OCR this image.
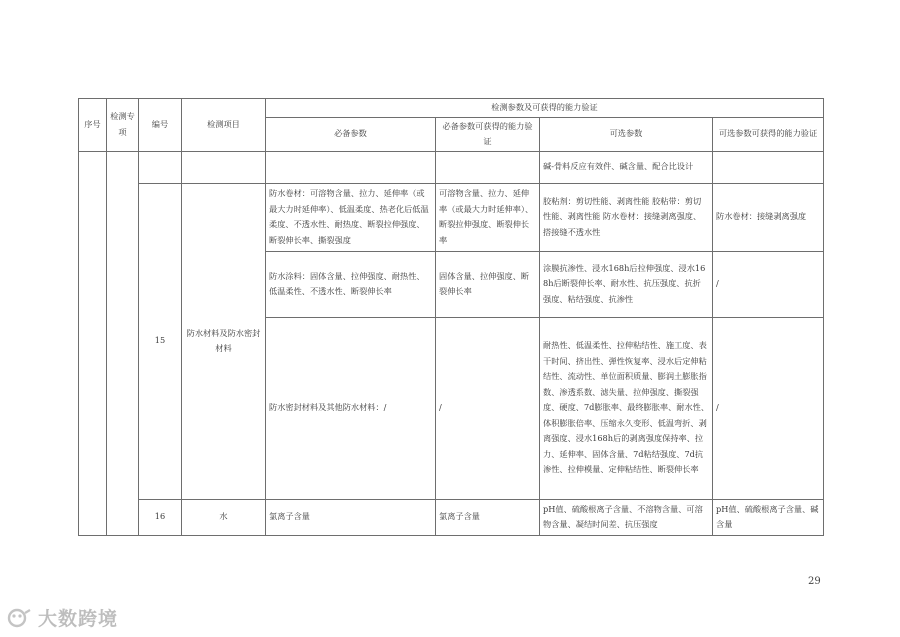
序号	检测专项	编号	检测项目	检测参数及可获得的能力验证			
				必备参数	必备参数可获得的能力验证	可选参数	可选参数可获得的能力验证
						碱-骨料反应有效件、碱含量、配合比设计	
		15	防水材料及防水密封材料	防水卷材：可溶物含量、拉力、延伸率（或最大力时延伸率）、低温柔度、热老化后低温柔度、不透水性、耐热度、断裂拉伸强度、断裂伸长率、撕裂强度	可溶物含量、拉力、延伸率（或最大力时延伸率）、断裂拉伸强度、断裂伸长率	胶粘剂：剪切性能、剥离性能 胶粘带：剪切性能、剥离性能 防水卷材：接缝剥离强度、搭接缝不透水性	防水卷材：接缝剥离强度
				防水涂料：固体含量、拉伸强度、耐热性、低温柔性、不透水性、断裂伸长率	固体含量、拉伸强度、断裂伸长率	涂膜抗渗性、浸水168h后拉伸强度、浸水168h后断裂伸长率、耐水性、抗压强度、抗折强度、粘结强度、抗渗性	/
				防水密封材料及其他防水材料：/	/	耐热性、低温柔性、拉伸粘结性、施工度、表干时间、挤出性、弹性恢复率、浸水后定伸粘结性、流动性、单位面积质量、膨润土膨胀指数、渗透系数、滤失量、拉伸强度、撕裂强度、硬度、7d膨胀率、最终膨胀率、耐水性、体积膨胀倍率、压缩永久变形、低温弯折、剥离强度、浸水168h后的剥离强度保持率、拉力、延伸率、固体含量、7d粘结强度、7d抗渗性、拉伸模量、定伸粘结性、断裂伸长率	/
		16	水	氯离子含量	氯离子含量	pH值、硫酸根离子含量、不溶物含量、可溶物含量、凝结时间差、抗压强度	pH值、硫酸根离子含量、碱含量
29
大数跨境
